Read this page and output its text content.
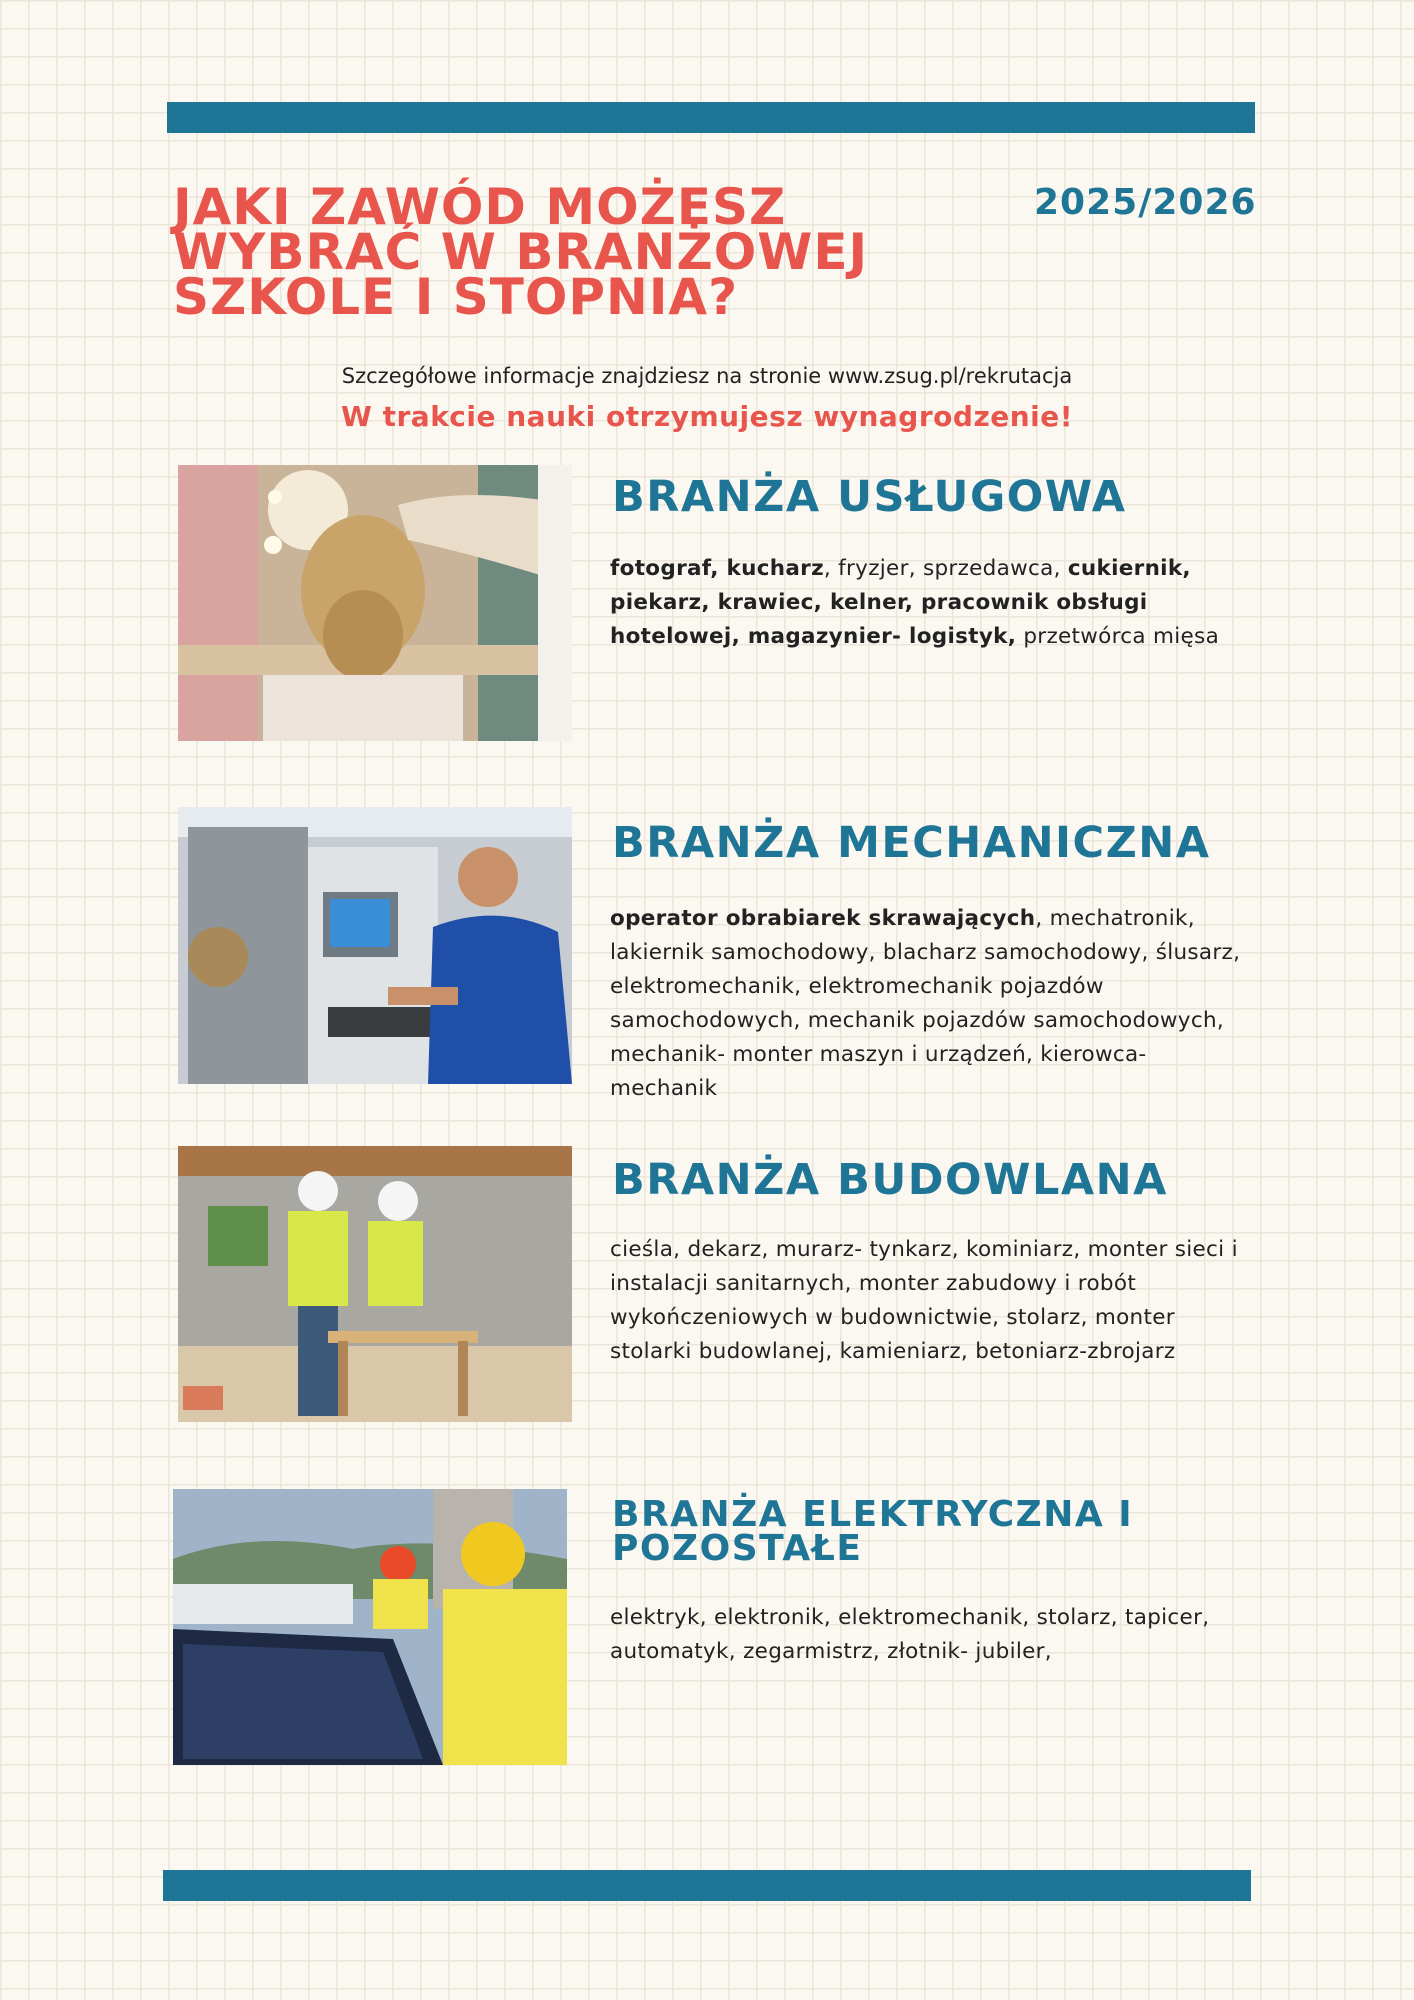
JAKI ZAWÓD MOŻESZ
WYBRAĆ W BRANŻOWEJ
SZKOLE I STOPNIA?
2025/2026
Szczegółowe informacje znajdziesz na stronie www.zsug.pl/rekrutacja
W trakcie nauki otrzymujesz wynagrodzenie!
BRANŻA USŁUGOWA

fotograf, kucharz, fryzjer, sprzedawca, cukiernik, piekarz, krawiec, kelner, pracownik obsługi hotelowej, magazynier- logistyk, przetwórca mięsa

BRANŻA MECHANICZNA

operator obrabiarek skrawających, mechatronik, lakiernik samochodowy, blacharz samochodowy, ślusarz, elektromechanik, elektromechanik pojazdów samochodowych, mechanik pojazdów samochodowych, mechanik- monter maszyn i urządzeń, kierowca- mechanik

BRANŻA BUDOWLANA

cieśla, dekarz, murarz- tynkarz, kominiarz, monter sieci i instalacji sanitarnych, monter zabudowy i robót wykończeniowych w budownictwie, stolarz, monter stolarki budowlanej, kamieniarz, betoniarz-zbrojarz

BRANŻA ELEKTRYCZNA I
POZOSTAŁE

elektryk, elektronik, elektromechanik, stolarz, tapicer, automatyk, zegarmistrz, złotnik- jubiler,
